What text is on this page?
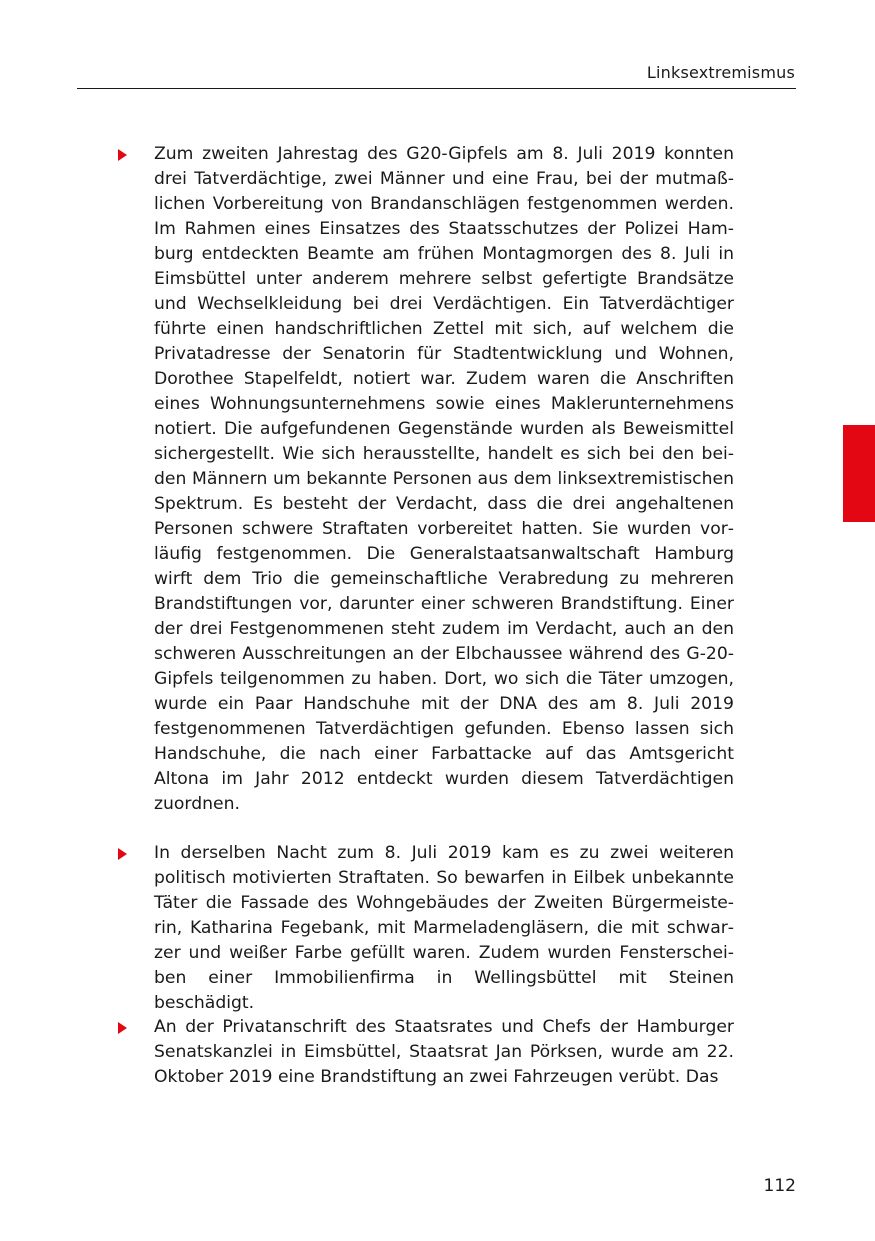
Linksextremismus
Zum zweiten Jahrestag des G20-Gipfels am 8. Juli 2019 konnten drei Tatverdächtige, zwei Männer und eine Frau, bei der mutmaßlichen Vorbereitung von Brandanschlägen festgenommen werden. Im Rahmen eines Einsatzes des Staatsschutzes der Polizei Hamburg entdeckten Beamte am frühen Montagmorgen des 8. Juli in Eimsbüttel unter anderem mehrere selbst gefertigte Brandsätze und Wechselkleidung bei drei Verdächtigen. Ein Tatverdächtiger führte einen handschriftlichen Zettel mit sich, auf welchem die Privatadresse der Senatorin für Stadtentwicklung und Wohnen, Dorothee Stapelfeldt, notiert war. Zudem waren die Anschriften eines Wohnungsunternehmens sowie eines Maklerunternehmens notiert. Die aufgefundenen Gegenstände wurden als Beweismittel sichergestellt. Wie sich herausstellte, handelt es sich bei den beiden Männern um bekannte Personen aus dem linksextremistischen Spektrum. Es besteht der Verdacht, dass die drei angehaltenen Personen schwere Straftaten vorbereitet hatten. Sie wurden vorläufig festgenommen. Die Generalstaatsanwaltschaft Hamburg wirft dem Trio die gemeinschaftliche Verabredung zu mehreren Brandstiftungen vor, darunter einer schweren Brandstiftung. Einer der drei Festgenommenen steht zudem im Verdacht, auch an den schweren Ausschreitungen an der Elbchaussee während des G-20-Gipfels teilgenommen zu haben. Dort, wo sich die Täter umzogen, wurde ein Paar Handschuhe mit der DNA des am 8. Juli 2019 festgenommenen Tatverdächtigen gefunden. Ebenso lassen sich Handschuhe, die nach einer Farbattacke auf das Amtsgericht Altona im Jahr 2012 entdeckt wurden diesem Tatverdächtigen zuordnen.
In derselben Nacht zum 8. Juli 2019 kam es zu zwei weiteren politisch motivierten Straftaten. So bewarfen in Eilbek unbekannte Täter die Fassade des Wohngebäudes der Zweiten Bürgermeisterin, Katharina Fegebank, mit Marmeladengläsern, die mit schwarzer und weißer Farbe gefüllt waren. Zudem wurden Fensterscheiben einer Immobilienfirma in Wellingsbüttel mit Steinen beschädigt.
An der Privatanschrift des Staatsrates und Chefs der Hamburger Senatskanzlei in Eimsbüttel, Staatsrat Jan Pörksen, wurde am 22. Oktober 2019 eine Brandstiftung an zwei Fahrzeugen verübt. Das
112
